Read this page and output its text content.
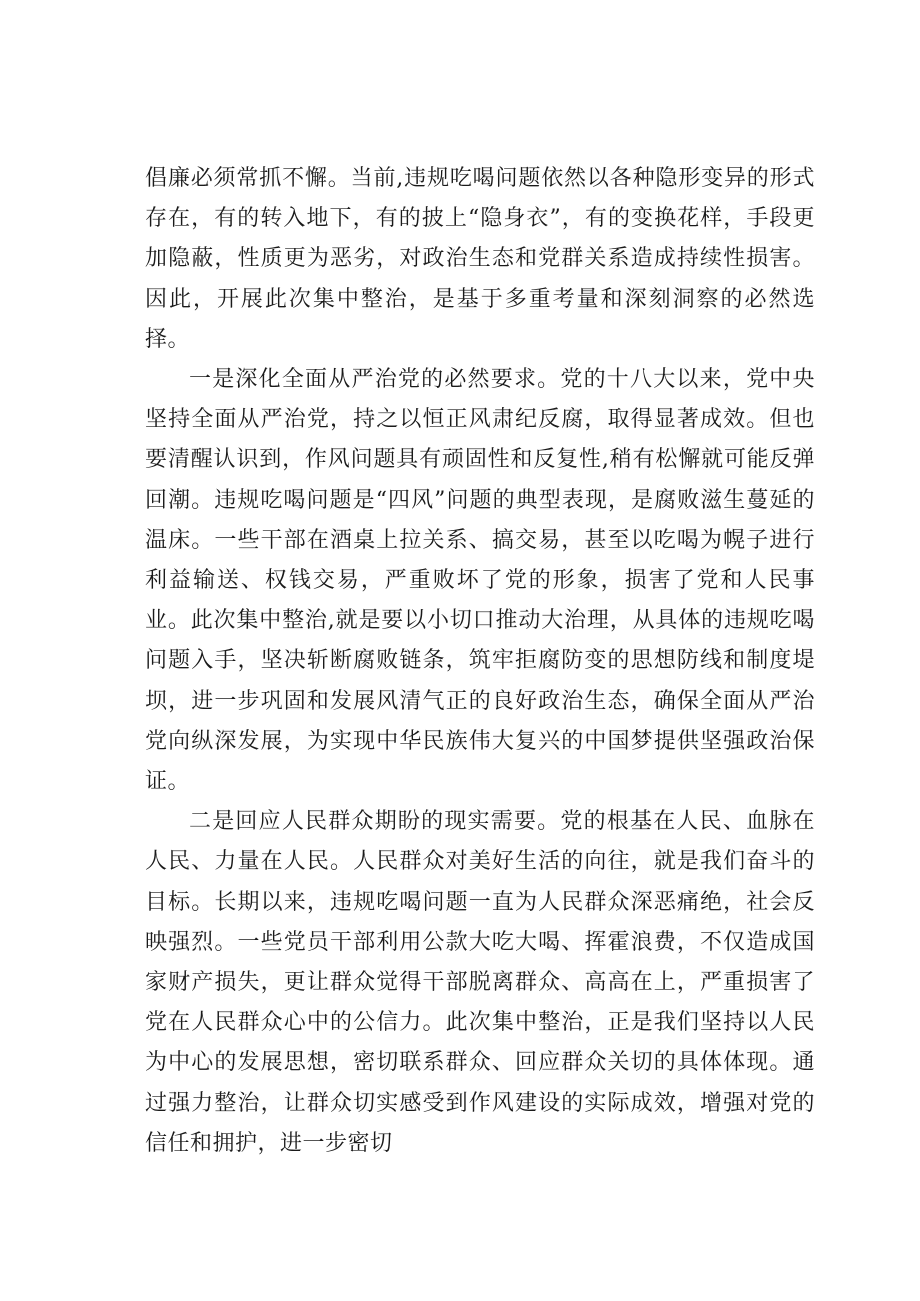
倡廉必须常抓不懈。当前,违规吃喝问题依然以各种隐形变异的形式存在，有的转入地下，有的披上“隐身衣”，有的变换花样，手段更加隐蔽，性质更为恶劣，对政治生态和党群关系造成持续性损害。因此，开展此次集中整治，是基于多重考量和深刻洞察的必然选择。

一是深化全面从严治党的必然要求。党的十八大以来，党中央坚持全面从严治党，持之以恒正风肃纪反腐，取得显著成效。但也要清醒认识到，作风问题具有顽固性和反复性,稍有松懈就可能反弹回潮。违规吃喝问题是“四风”问题的典型表现，是腐败滋生蔓延的温床。一些干部在酒桌上拉关系、搞交易，甚至以吃喝为幌子进行利益输送、权钱交易，严重败坏了党的形象，损害了党和人民事业。此次集中整治,就是要以小切口推动大治理，从具体的违规吃喝问题入手，坚决斩断腐败链条，筑牢拒腐防变的思想防线和制度堤坝，进一步巩固和发展风清气正的良好政治生态，确保全面从严治党向纵深发展，为实现中华民族伟大复兴的中国梦提供坚强政治保证。

二是回应人民群众期盼的现实需要。党的根基在人民、血脉在人民、力量在人民。人民群众对美好生活的向往，就是我们奋斗的目标。长期以来，违规吃喝问题一直为人民群众深恶痛绝，社会反映强烈。一些党员干部利用公款大吃大喝、挥霍浪费，不仅造成国家财产损失，更让群众觉得干部脱离群众、高高在上，严重损害了党在人民群众心中的公信力。此次集中整治，正是我们坚持以人民为中心的发展思想，密切联系群众、回应群众关切的具体体现。通过强力整治，让群众切实感受到作风建设的实际成效，增强对党的信任和拥护，进一步密切
